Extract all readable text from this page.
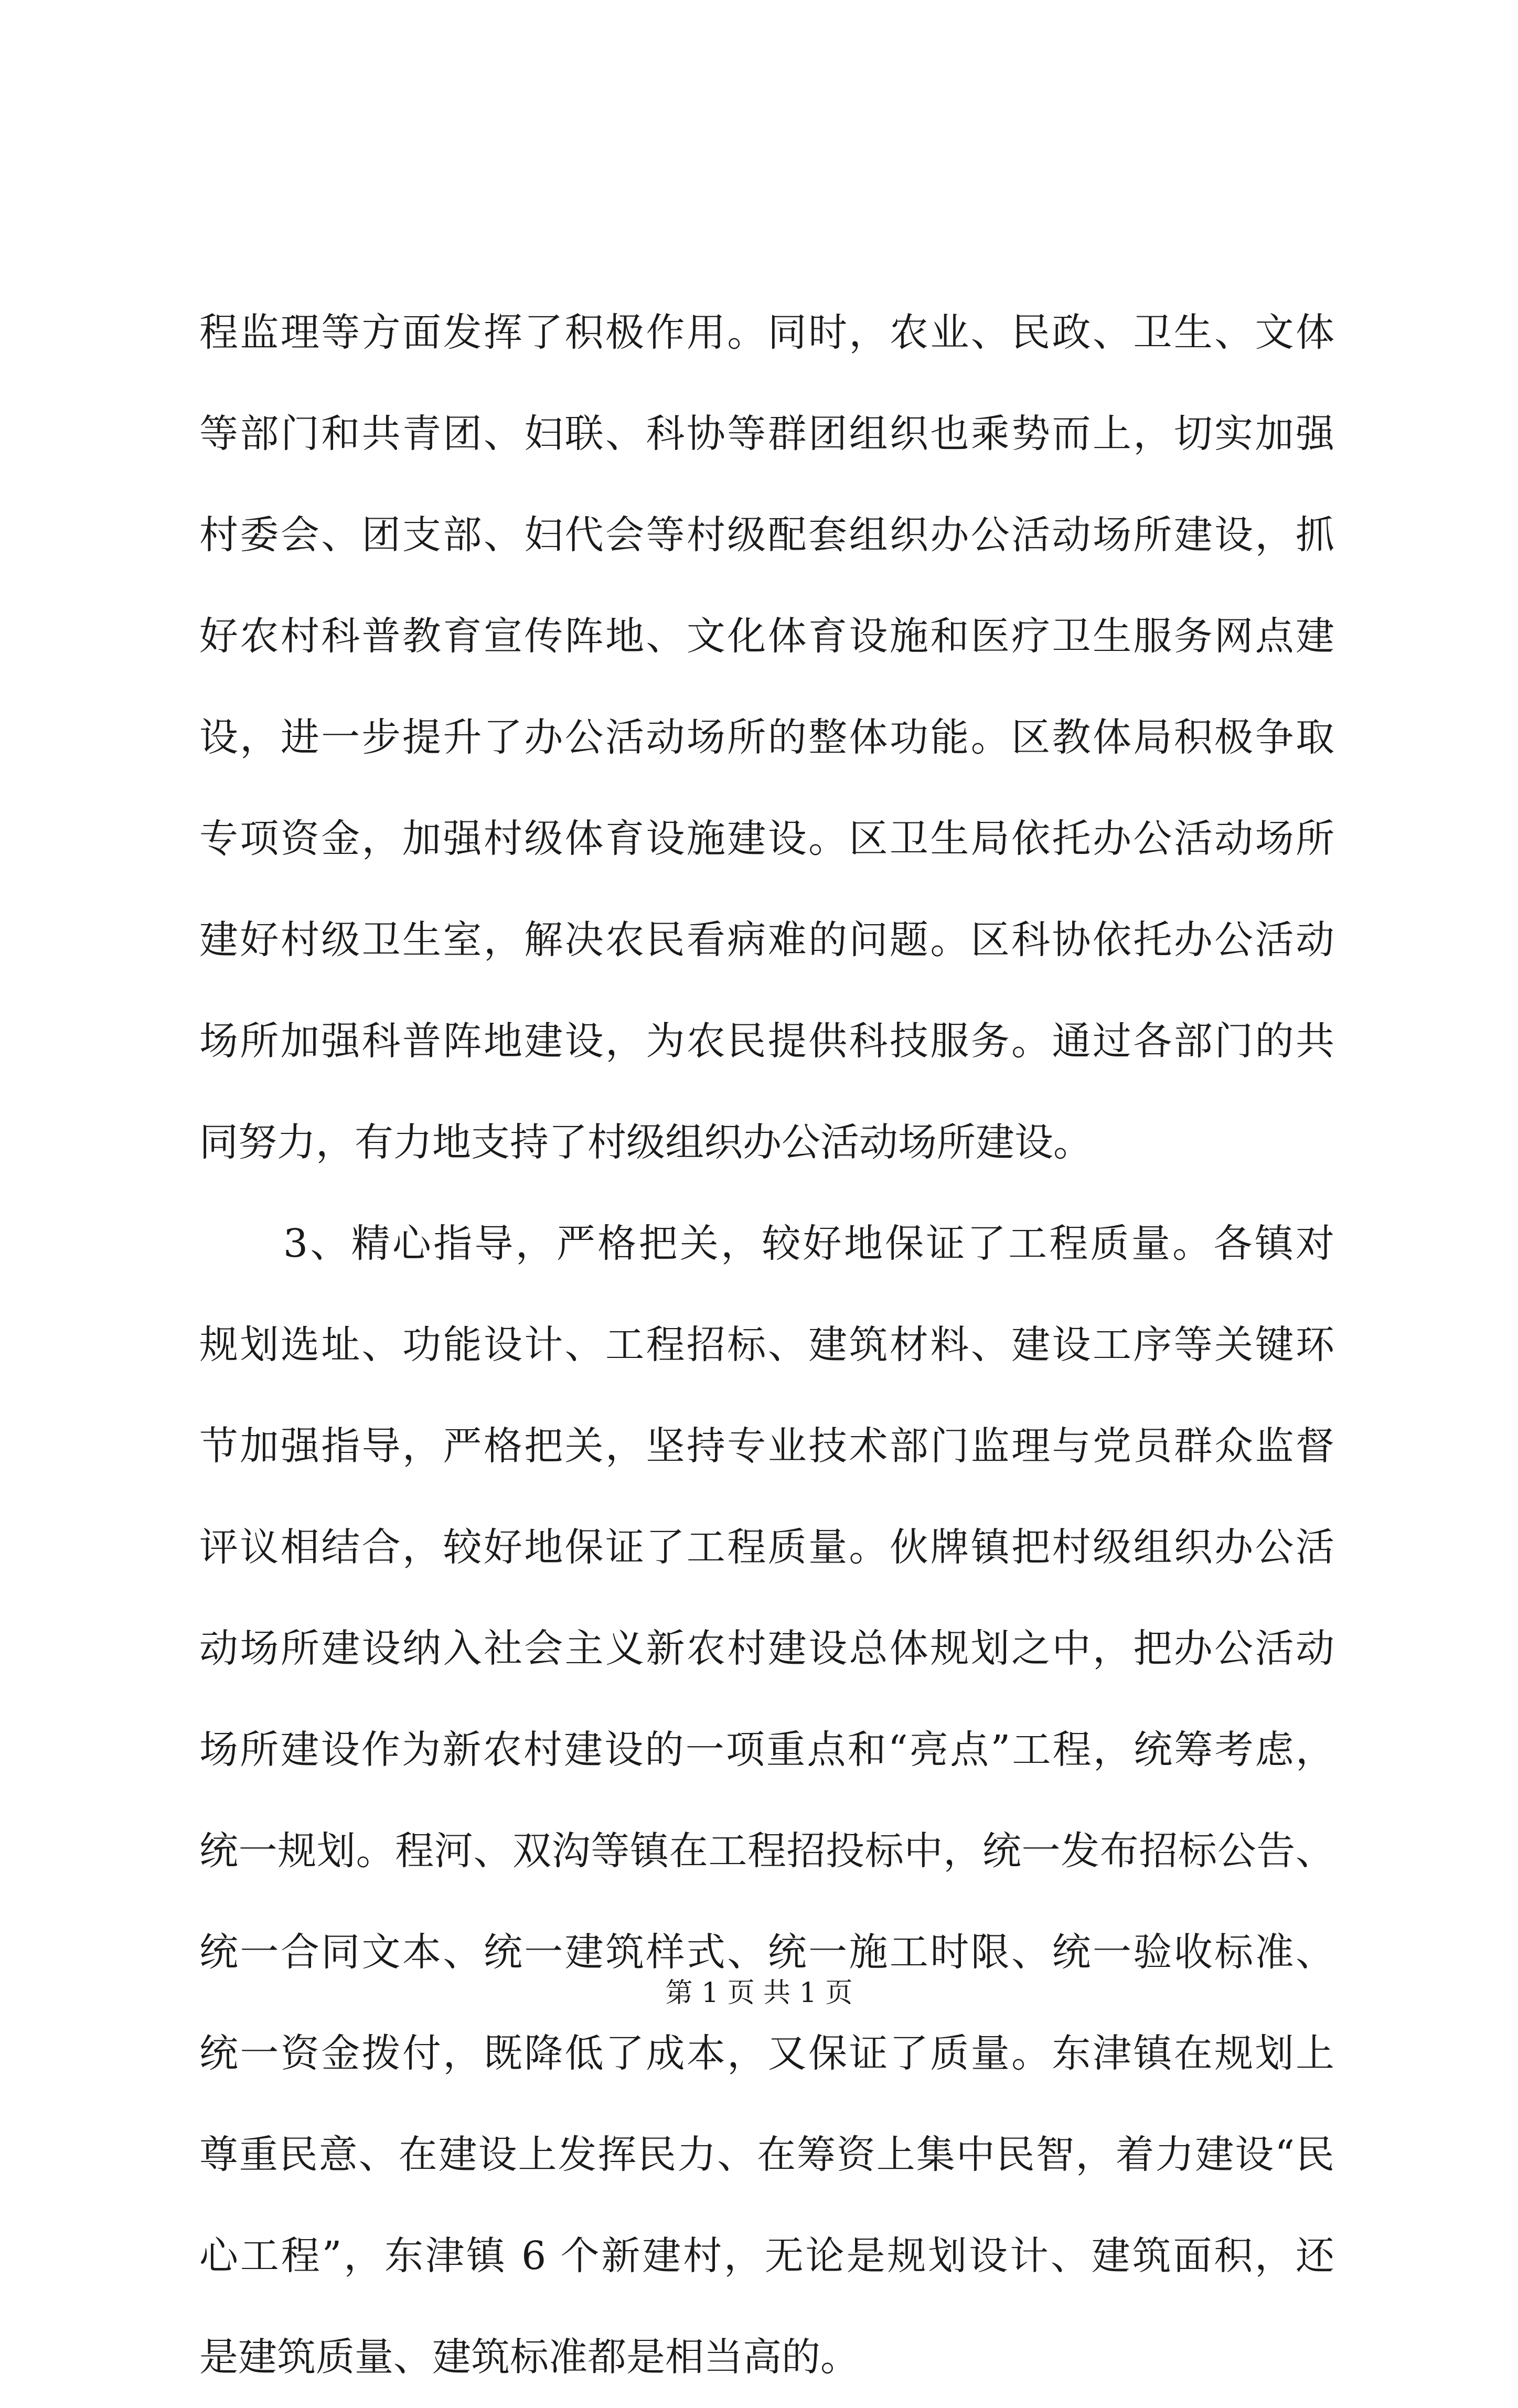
程监理等方面发挥了积极作用。同时，农业、民政、卫生、文体
等部门和共青团、妇联、科协等群团组织也乘势而上，切实加强
村委会、团支部、妇代会等村级配套组织办公活动场所建设，抓
好农村科普教育宣传阵地、文化体育设施和医疗卫生服务网点建
设，进一步提升了办公活动场所的整体功能。区教体局积极争取
专项资金，加强村级体育设施建设。区卫生局依托办公活动场所
建好村级卫生室，解决农民看病难的问题。区科协依托办公活动
场所加强科普阵地建设，为农民提供科技服务。通过各部门的共
同努力，有力地支持了村级组织办公活动场所建设。
3、精心指导，严格把关，较好地保证了工程质量。各镇对
规划选址、功能设计、工程招标、建筑材料、建设工序等关键环
节加强指导，严格把关，坚持专业技术部门监理与党员群众监督
评议相结合，较好地保证了工程质量。伙牌镇把村级组织办公活
动场所建设纳入社会主义新农村建设总体规划之中，把办公活动
场所建设作为新农村建设的一项重点和“亮点”工程，统筹考虑，
统一规划。程河、双沟等镇在工程招投标中，统一发布招标公告、
统一合同文本、统一建筑样式、统一施工时限、统一验收标准、
统一资金拨付，既降低了成本，又保证了质量。东津镇在规划上
尊重民意、在建设上发挥民力、在筹资上集中民智，着力建设“民
心工程”，东津镇 6 个新建村，无论是规划设计、建筑面积，还
是建筑质量、建筑标准都是相当高的。
第 1 页 共 1 页
